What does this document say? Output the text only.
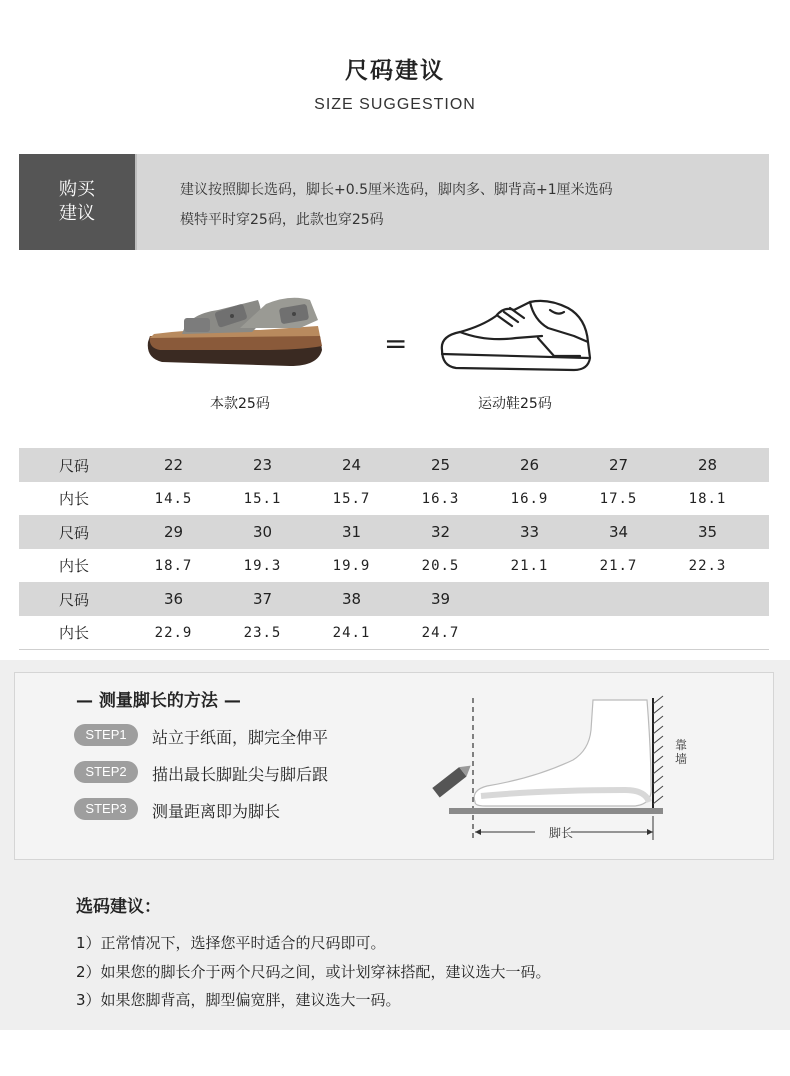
尺码建议
SIZE SUGGESTION
购买
建议
建议按照脚长选码，脚长+0.5厘米选码，脚肉多、脚背高+1厘米选码
模特平时穿25码，此款也穿25码
=
本款25码	运动鞋25码
尺码	22	23	24	25	26	27	28
内长	14.5	15.1	15.7	16.3	16.9	17.5	18.1
尺码	29	30	31	32	33	34	35
内长	18.7	19.3	19.9	20.5	21.1	21.7	22.3
尺码	36	37	38	39
内长	22.9	23.5	24.1	24.7
— 测量脚长的方法 —
STEP1	站立于纸面，脚完全伸平
STEP2	描出最长脚趾尖与脚后跟
STEP3	测量距离即为脚长
靠
墙
脚长
选码建议：
1）正常情况下，选择您平时适合的尺码即可。
2）如果您的脚长介于两个尺码之间，或计划穿袜搭配，建议选大一码。
3）如果您脚背高，脚型偏宽胖，建议选大一码。
